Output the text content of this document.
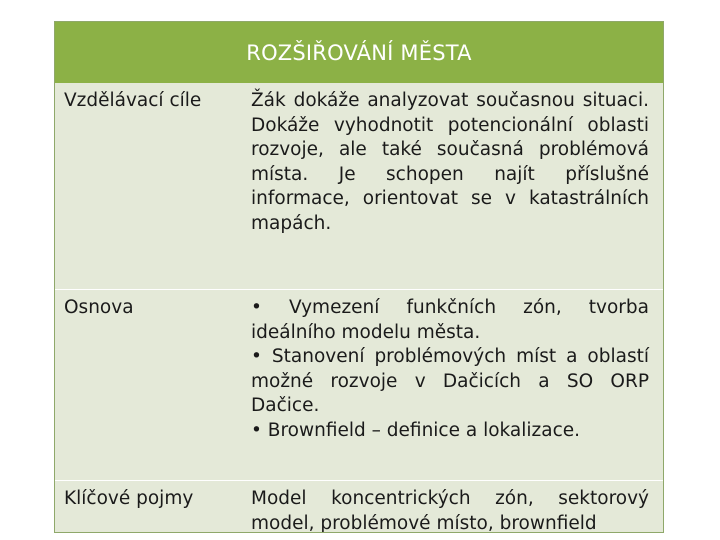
ROZŠIŘOVÁNÍ MĚSTA
Vzdělávací cíle	Žák dokáže analyzovat současnou situaci. Dokáže vyhodnotit potencionální oblasti rozvoje, ale také současná problémová místa. Je schopen najít příslušné informace, orientovat se v katastrálních mapách.

Osnova	• Vymezení funkčních zón, tvorba ideálního modelu města.

• Stanovení problémových míst a oblastí možné rozvoje v Dačicích a SO ORP Dačice.

• Brownfield – definice a lokalizace.

Klíčové pojmy	Model koncentrických zón, sektorový model, problémové místo, brownfield
